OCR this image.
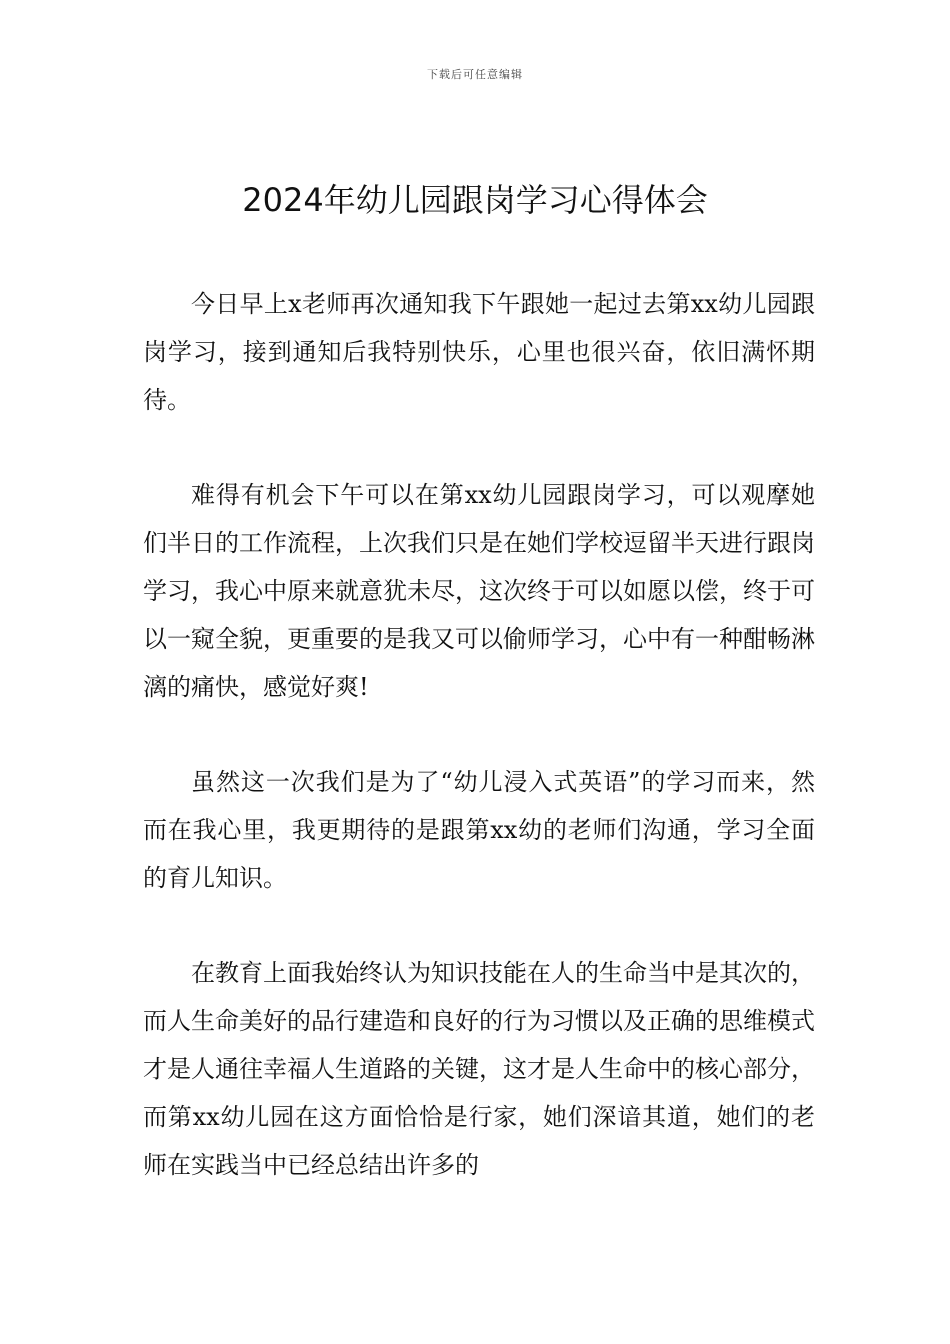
下载后可任意编辑
2024年幼儿园跟岗学习心得体会

今日早上x老师再次通知我下午跟她一起过去第xx幼儿园跟岗学习，接到通知后我特别快乐，心里也很兴奋，依旧满怀期待。

难得有机会下午可以在第xx幼儿园跟岗学习，可以观摩她们半日的工作流程，上次我们只是在她们学校逗留半天进行跟岗学习，我心中原来就意犹未尽，这次终于可以如愿以偿，终于可以一窥全貌，更重要的是我又可以偷师学习，心中有一种酣畅淋漓的痛快，感觉好爽!

虽然这一次我们是为了“幼儿浸入式英语”的学习而来，然而在我心里，我更期待的是跟第xx幼的老师们沟通，学习全面的育儿知识。

在教育上面我始终认为知识技能在人的生命当中是其次的，而人生命美好的品行建造和良好的行为习惯以及正确的思维模式才是人通往幸福人生道路的关键，这才是人生命中的核心部分，而第xx幼儿园在这方面恰恰是行家，她们深谙其道，她们的老师在实践当中已经总结出许多的
